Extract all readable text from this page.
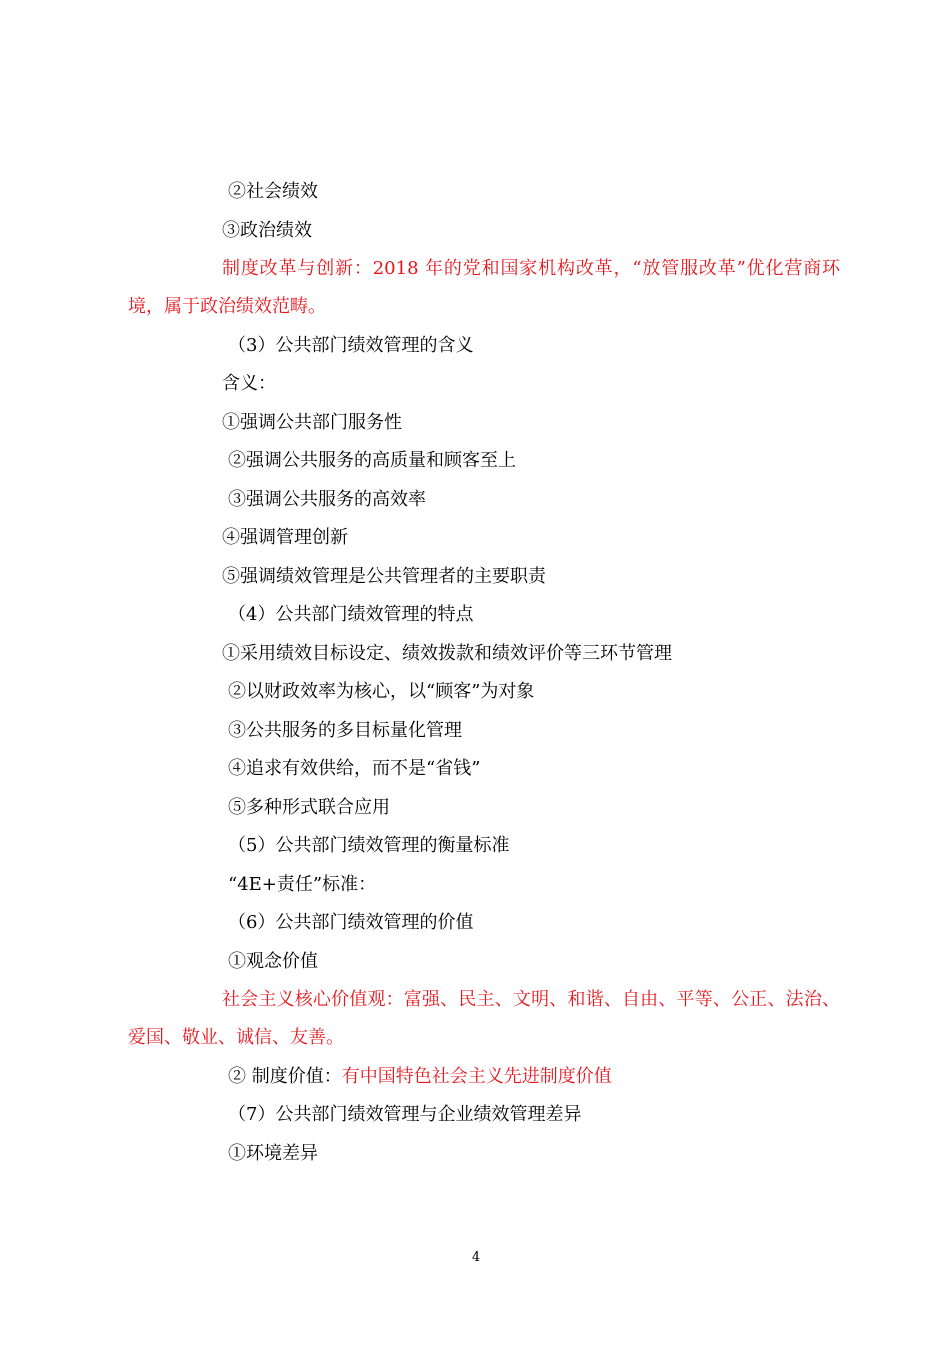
②社会绩效
③政治绩效
制度改革与创新：2018 年的党和国家机构改革，“放管服改革”优化营商环境，属于政治绩效范畴。
（3）公共部门绩效管理的含义
含义：
①强调公共部门服务性
②强调公共服务的高质量和顾客至上
③强调公共服务的高效率
④强调管理创新
⑤强调绩效管理是公共管理者的主要职责
（4）公共部门绩效管理的特点
①采用绩效目标设定、绩效拨款和绩效评价等三环节管理
②以财政效率为核心，以“顾客”为对象
③公共服务的多目标量化管理
④追求有效供给，而不是“省钱”
⑤多种形式联合应用
（5）公共部门绩效管理的衡量标准
“4E+责任”标准：
（6）公共部门绩效管理的价值
①观念价值
社会主义核心价值观：富强、民主、文明、和谐、自由、平等、公正、法治、爱国、敬业、诚信、友善。
② 制度价值：有中国特色社会主义先进制度价值
（7）公共部门绩效管理与企业绩效管理差异
①环境差异
4
